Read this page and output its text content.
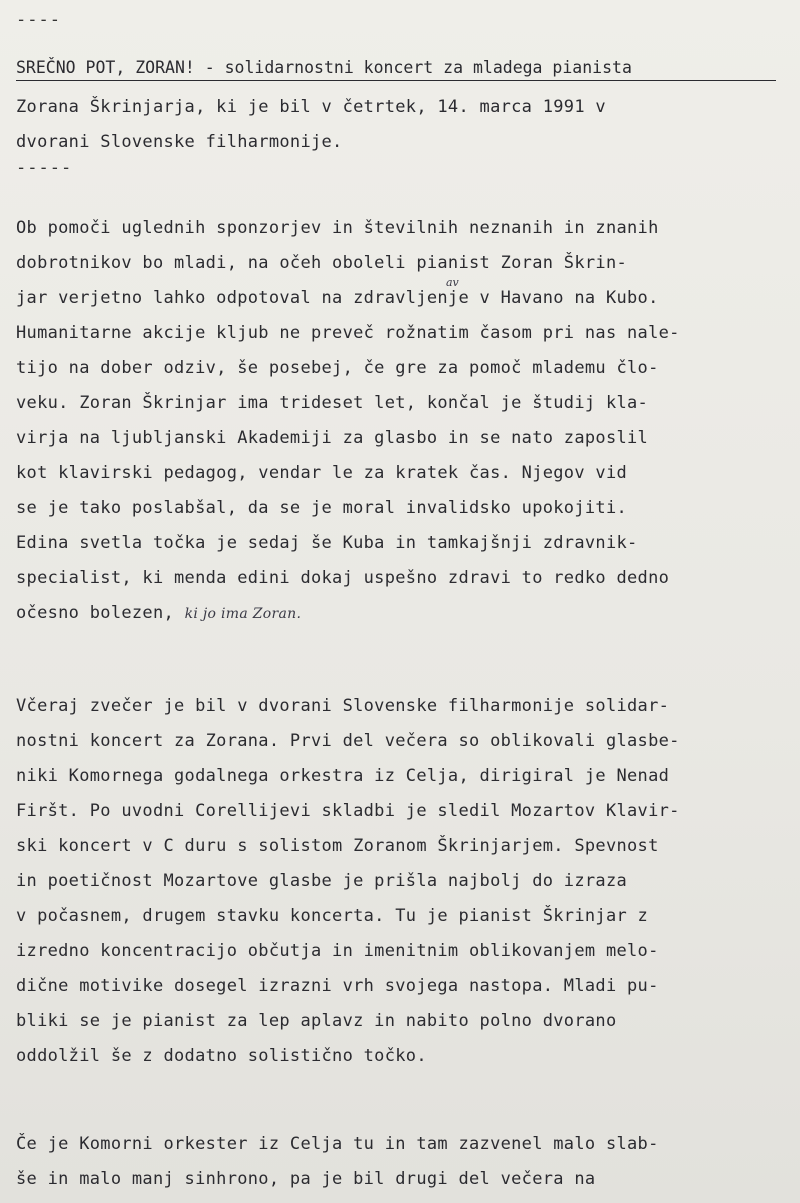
----
SREČNO POT, ZORAN! - solidarnostni koncert za mladega pianista
Zorana Škrinjarja, ki je bil v četrtek, 14. marca 1991 v
dvorani Slovenske filharmonije.
-----
Ob pomoči uglednih sponzorjev in številnih neznanih in znanih
dobrotnikov bo mladi, na očeh oboleli pianist Zoran Škrin-
av
jar verjetno lahko odpotoval na zdravljenje v Havano na Kubo.
Humanitarne akcije kljub ne preveč rožnatim časom pri nas nale-
tijo na dober odziv, še posebej, če gre za pomoč mlademu člo-
veku. Zoran Škrinjar ima trideset let, končal je študij kla-
virja na ljubljanski Akademiji za glasbo in se nato zaposlil
kot klavirski pedagog, vendar le za kratek čas. Njegov vid
se je tako poslabšal, da se je moral invalidsko upokojiti.
Edina svetla točka je sedaj še Kuba in tamkajšnji zdravnik-
specialist, ki menda edini dokaj uspešno zdravi to redko dedno
očesno bolezen, ki jo ima Zoran.
Včeraj zvečer je bil v dvorani Slovenske filharmonije solidar-
nostni koncert za Zorana. Prvi del večera so oblikovali glasbe-
niki Komornega godalnega orkestra iz Celja, dirigiral je Nenad
Firšt. Po uvodni Corellijevi skladbi je sledil Mozartov Klavir-
ski koncert v C duru s solistom Zoranom Škrinjarjem. Spevnost
in poetičnost Mozartove glasbe je prišla najbolj do izraza
v počasnem, drugem stavku koncerta. Tu je pianist Škrinjar z
izredno koncentracijo občutja in imenitnim oblikovanjem melo-
dične motivike dosegel izrazni vrh svojega nastopa. Mladi pu-
bliki se je pianist za lep aplavz in nabito polno dvorano
oddolžil še z dodatno solistično točko.
Če je Komorni orkester iz Celja tu in tam zazvenel malo slab-
še in malo manj sinhrono, pa je bil drugi del večera na
